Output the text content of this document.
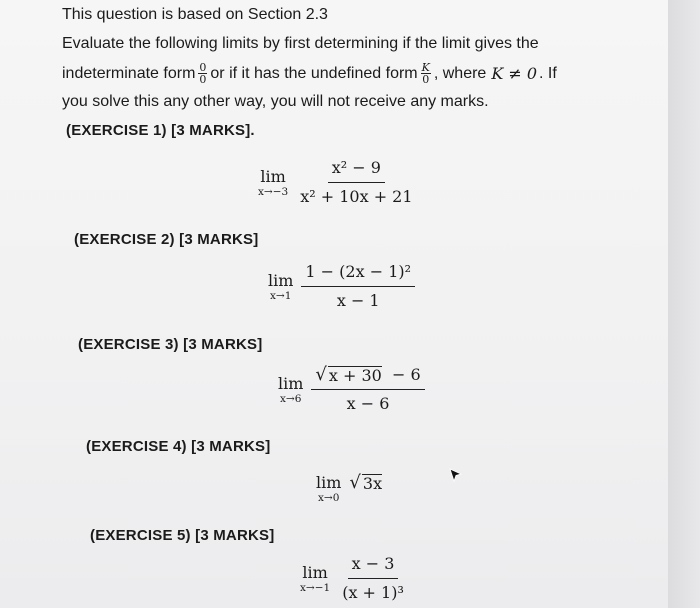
This question is based on Section 2.3
Evaluate the following limits by first determining if the limit gives the
indeterminate form $\frac{0}{0}$ or if it has the undefined form $\frac{K}{0}$ , where K ≠ 0 . If
you solve this any other way, you will not receive any marks.
(EXERCISE 1) [3 MARKS].
lim
$x\to-3 \frac{\text{x² − 9}}{\text{x² + 10x + 21}}$
(EXERCISE 2) [3 MARKS]
lim
$x\to 1 \frac{\text{1 − (2x − 1)²}}{x - 1}$
(EXERCISE 3) [3 MARKS]
lim
$x\to 6 \frac{√ x + 30 - 6}{x - 6}$
(EXERCISE 4) [3 MARKS]
lim
x→0
√ 3x
(EXERCISE 5) [3 MARKS]
lim
$x\to-1 \frac{x - 3}{\text{(x + 1)³}}$
